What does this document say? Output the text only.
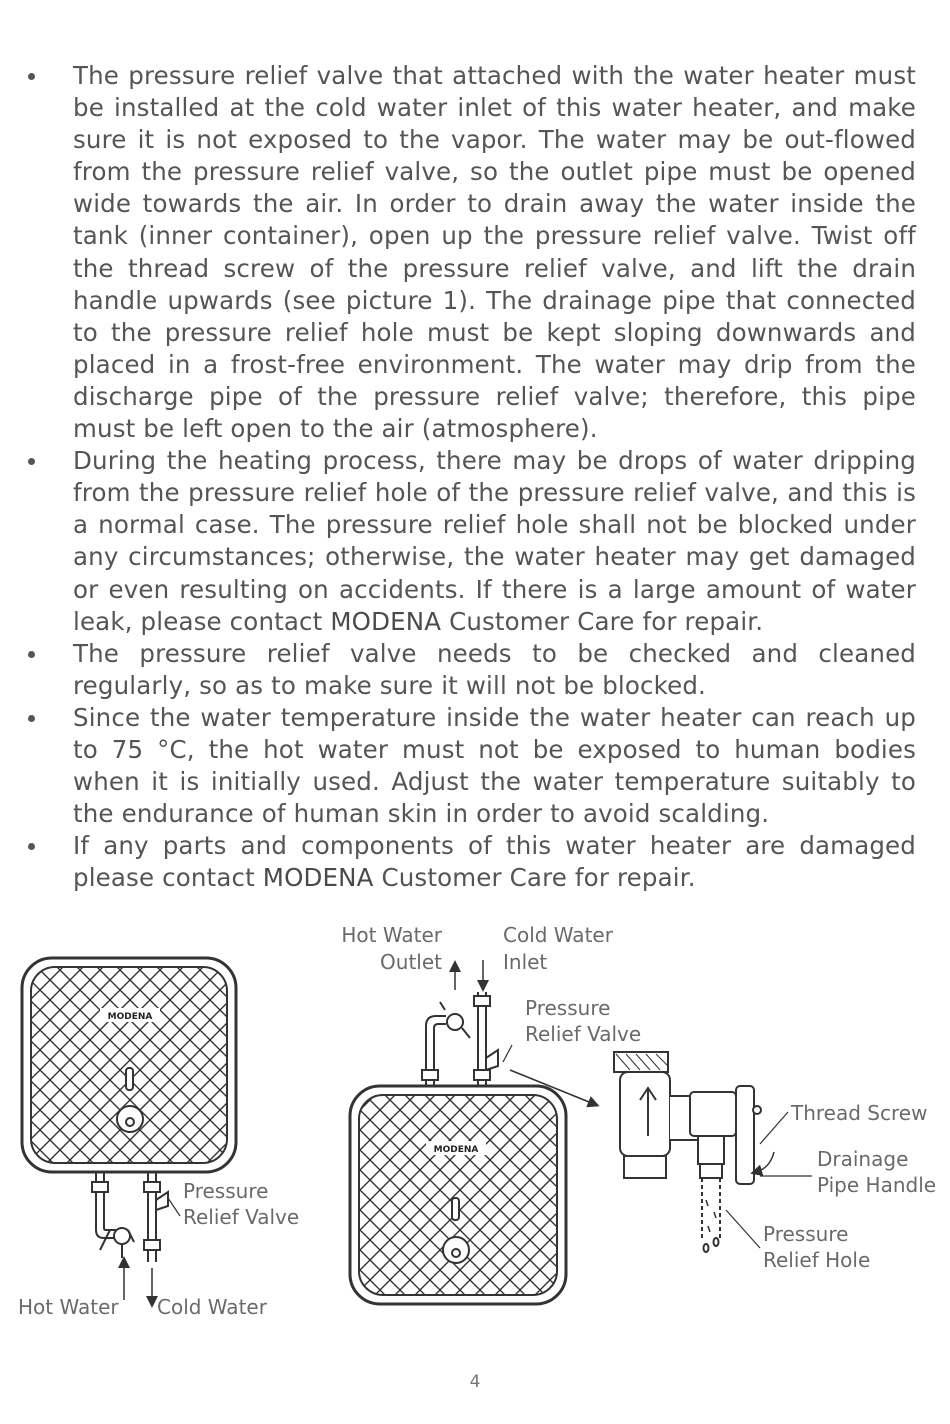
The pressure relief valve that attached with the water heater must be installed at the cold water inlet of this water heater, and make sure it is not exposed to the vapor. The water may be out-flowed from the pressure relief valve, so the outlet pipe must be opened wide towards the air. In order to drain away the water inside the tank (inner container), open up the pressure relief valve. Twist off the thread screw of the pressure relief valve, and lift the drain handle upwards (see picture 1). The drainage pipe that connected to the pressure relief hole must be kept sloping downwards and placed in a frost-free environment. The water may drip from the discharge pipe of the pressure relief valve; therefore, this pipe must be left open to the air (atmosphere).
During the heating process, there may be drops of water dripping from the pressure relief hole of the pressure relief valve, and this is a normal case. The pressure relief hole shall not be blocked under any circumstances; otherwise, the water heater may get damaged or even resulting on accidents. If there is a large amount of water leak, please contact MODENA Customer Care for repair.
The pressure relief valve needs to be checked and cleaned regularly, so as to make sure it will not be blocked.
Since the water temperature inside the water heater can reach up to 75 °C, the hot water must not be exposed to human bodies when it is initially used. Adjust the water temperature suitably to the endurance of human skin in order to avoid scalding.
If any parts and components of this water heater are damaged please contact MODENA Customer Care for repair.
MODENA
Pressure
Relief Valve
Hot Water Cold Water
MODENA
Hot Water
Outlet
Cold Water
Inlet
Pressure
Relief Valve
Thread Screw
Drainage
Pipe Handle
Pressure
Relief Hole
4
